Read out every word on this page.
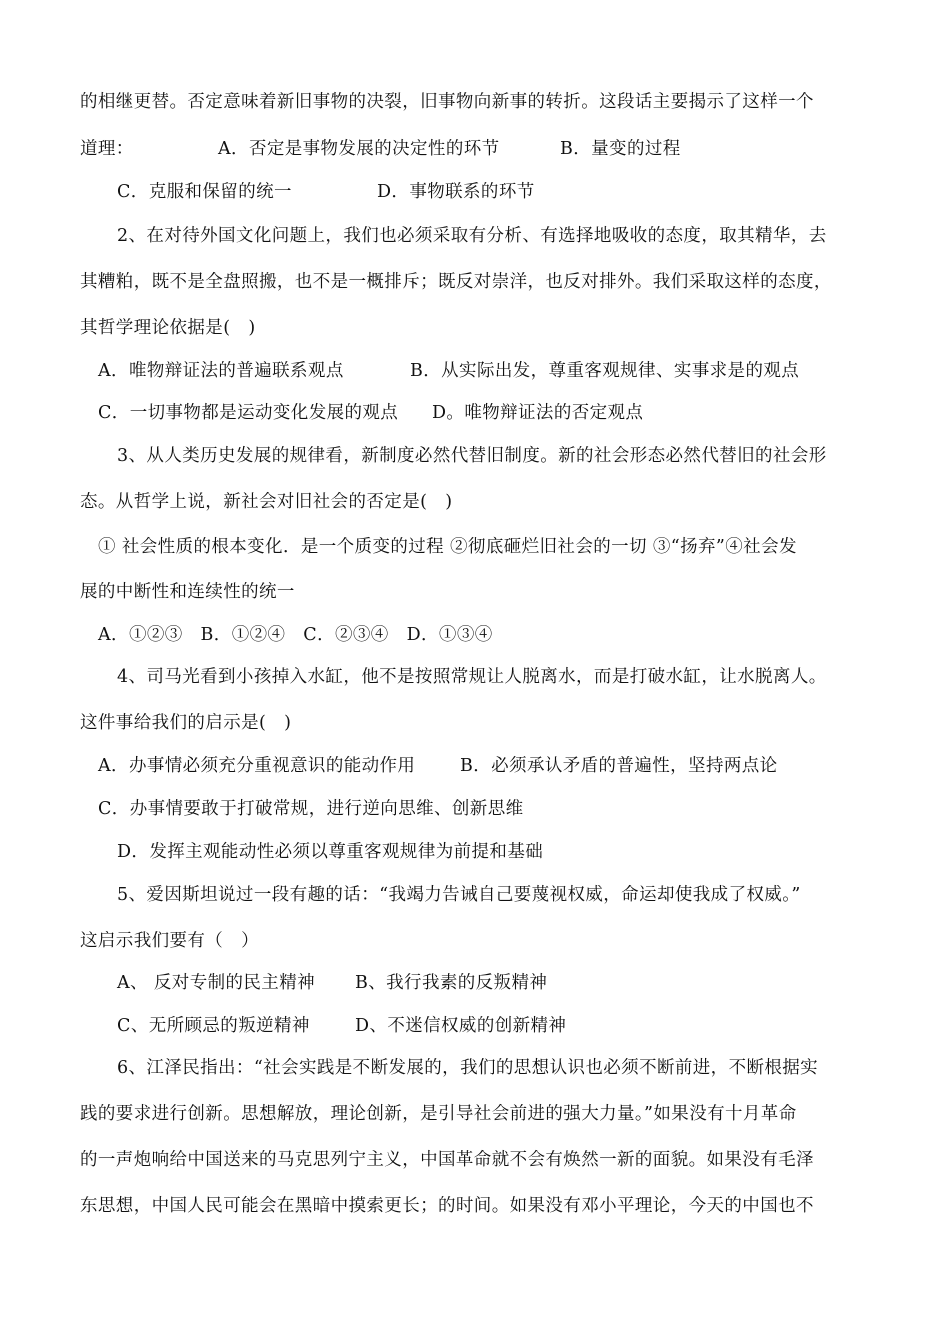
的相继更替。否定意味着新旧事物的决裂，旧事物向新事的转折。这段话主要揭示了这样一个
道理：	A．否定是事物发展的决定性的环节	B．量变的过程
C．克服和保留的统一	D．事物联系的环节
2、在对待外国文化问题上，我们也必须采取有分析、有选择地吸收的态度，取其精华，去
其糟粕，既不是全盘照搬，也不是一概排斥；既反对崇洋，也反对排外。我们采取这样的态度，
其哲学理论依据是(　)
A．唯物辩证法的普遍联系观点	B．从实际出发，尊重客观规律、实事求是的观点
C．一切事物都是运动变化发展的观点 D。唯物辩证法的否定观点
3、从人类历史发展的规律看，新制度必然代替旧制度。新的社会形态必然代替旧的社会形
态。从哲学上说，新社会对旧社会的否定是(　)
① 社会性质的根本变化．是一个质变的过程 ②彻底砸烂旧社会的一切 ③“扬弃”④社会发
展的中断性和连续性的统一
A．①②③　B．①②④　C．②③④　D．①③④
4、司马光看到小孩掉入水缸，他不是按照常规让人脱离水，而是打破水缸，让水脱离人。
这件事给我们的启示是(　)
A．办事情必须充分重视意识的能动作用	B．必须承认矛盾的普遍性，坚持两点论
C．办事情要敢于打破常规，进行逆向思维、创新思维
D．发挥主观能动性必须以尊重客观规律为前提和基础
5、爱因斯坦说过一段有趣的话：“我竭力告诫自己要蔑视权威，命运却使我成了权威。”
这启示我们要有（　）
A、 反对专制的民主精神 B、我行我素的反叛精神
C、无所顾忌的叛逆精神	D、不迷信权威的创新精神
6、江泽民指出：“社会实践是不断发展的，我们的思想认识也必须不断前进，不断根据实
践的要求进行创新。思想解放，理论创新，是引导社会前进的强大力量。”如果没有十月革命
的一声炮响给中国送来的马克思列宁主义，中国革命就不会有焕然一新的面貌。如果没有毛泽
东思想，中国人民可能会在黑暗中摸索更长；的时间。如果没有邓小平理论，今天的中国也不
